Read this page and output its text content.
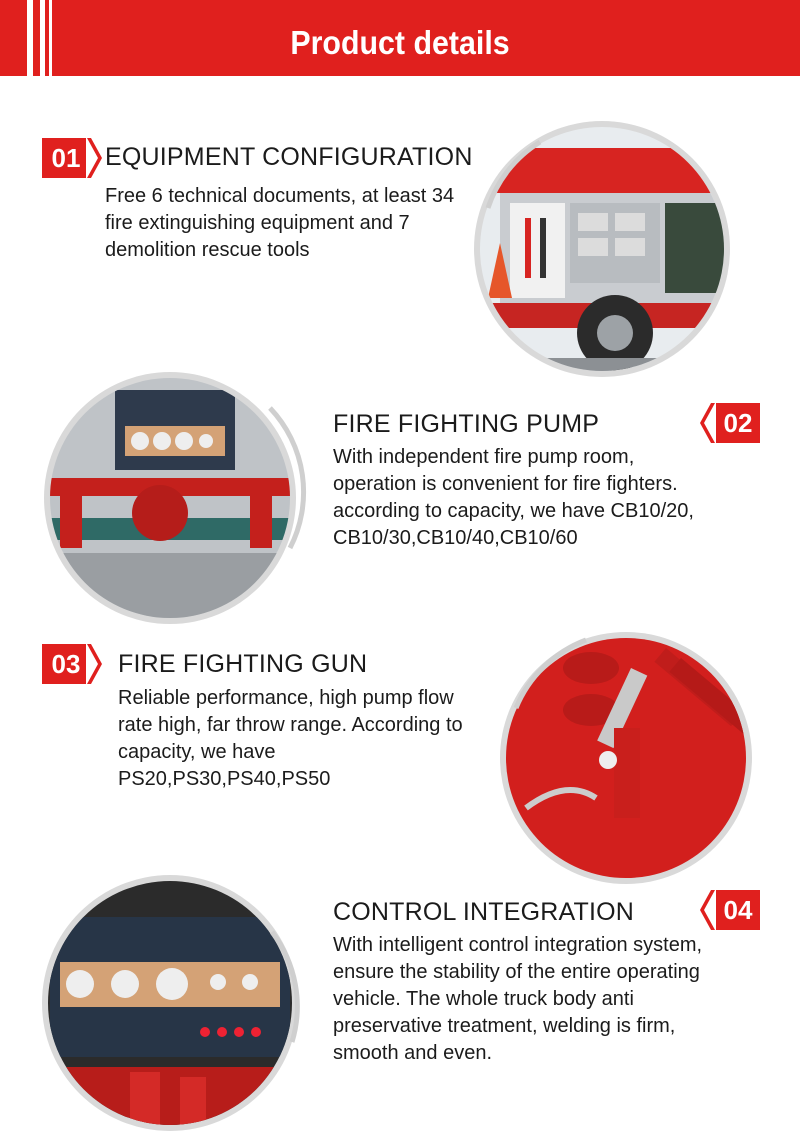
Product details
01 EQUIPMENT CONFIGURATION
Free 6 technical documents, at least 34 fire extinguishing equipment and 7 demolition rescue tools
02
FIRE FIGHTING PUMP
With independent fire pump room, operation is convenient for fire fighters. according to capacity, we have CB10/20, CB10/30,CB10/40,CB10/60
03	FIRE FIGHTING GUN
Reliable performance, high pump flow rate high, far throw range. According to capacity, we have PS20,PS30,PS40,PS50
04
CONTROL INTEGRATION
With intelligent control integration system, ensure the stability of the entire operating vehicle. The whole truck body anti preservative treatment, welding is firm, smooth and even.
